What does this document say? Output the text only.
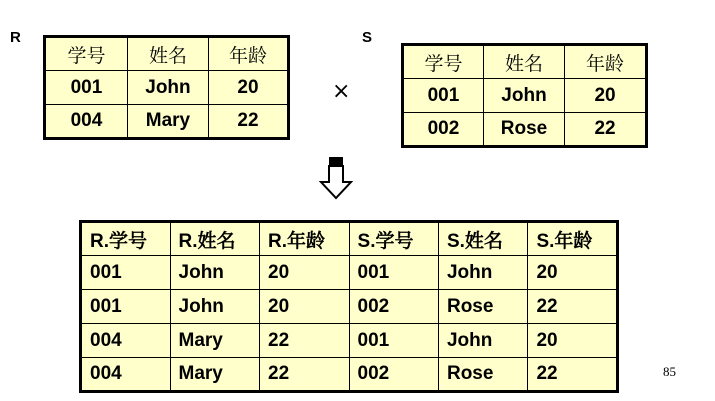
R	S
学号	姓名	年龄
001	John	20
004	Mary	22
×
学号	姓名	年龄
001	John	20
002	Rose	22
R.学号	R.姓名	R.年龄	S.学号	S.姓名	S.年龄
001	John	20	001	John	20
001	John	20	002	Rose	22
004	Mary	22	001	John	20
004	Mary	22	002	Rose	22	85
